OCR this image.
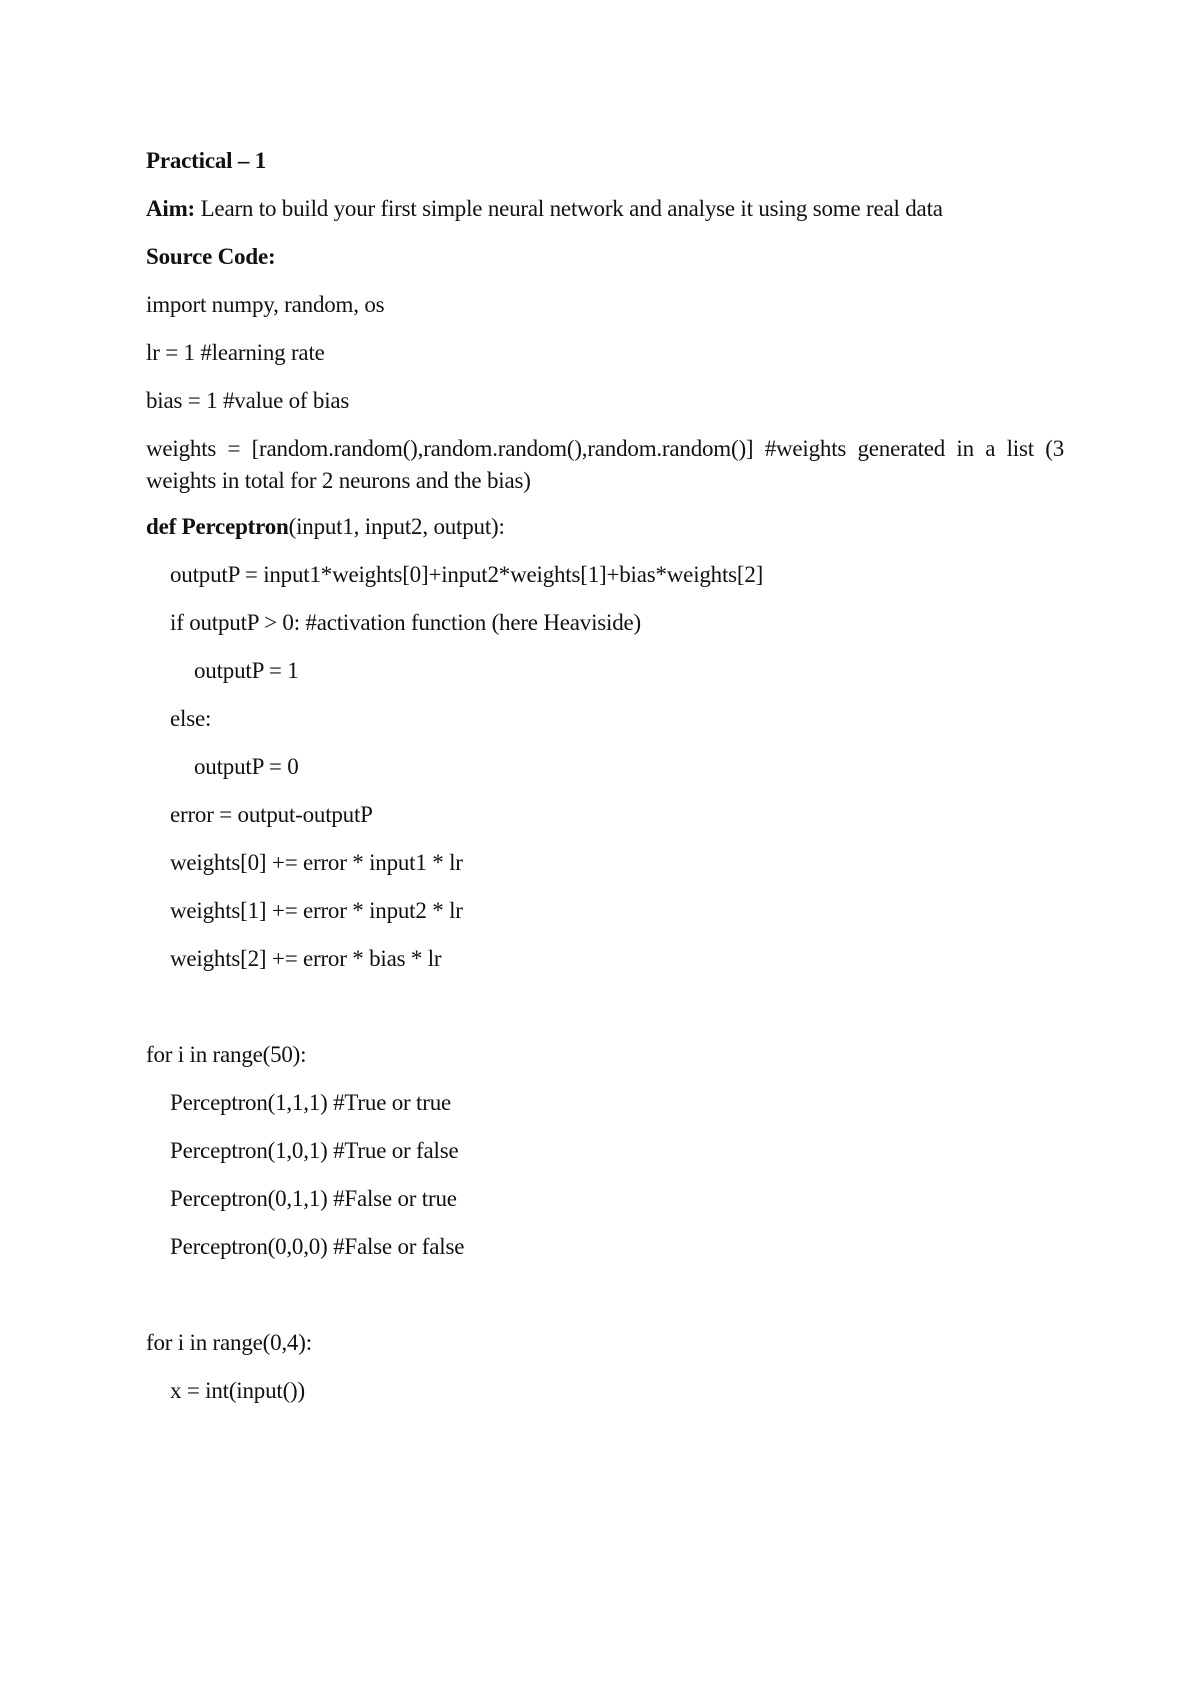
Practical – 1
Aim: Learn to build your first simple neural network and analyse it using some real data
Source Code:
import numpy, random, os
lr = 1 #learning rate
bias = 1 #value of bias
weights = [random.random(),random.random(),random.random()] #weights generated in a list (3 weights in total for 2 neurons and the bias)
def Perceptron(input1, input2, output):
outputP = input1*weights[0]+input2*weights[1]+bias*weights[2]
if outputP > 0: #activation function (here Heaviside)
outputP = 1
else:
outputP = 0
error = output-outputP
weights[0] += error * input1 * lr
weights[1] += error * input2 * lr
weights[2] += error * bias * lr
for i in range(50):
Perceptron(1,1,1) #True or true
Perceptron(1,0,1) #True or false
Perceptron(0,1,1) #False or true
Perceptron(0,0,0) #False or false
for i in range(0,4):
x = int(input())
